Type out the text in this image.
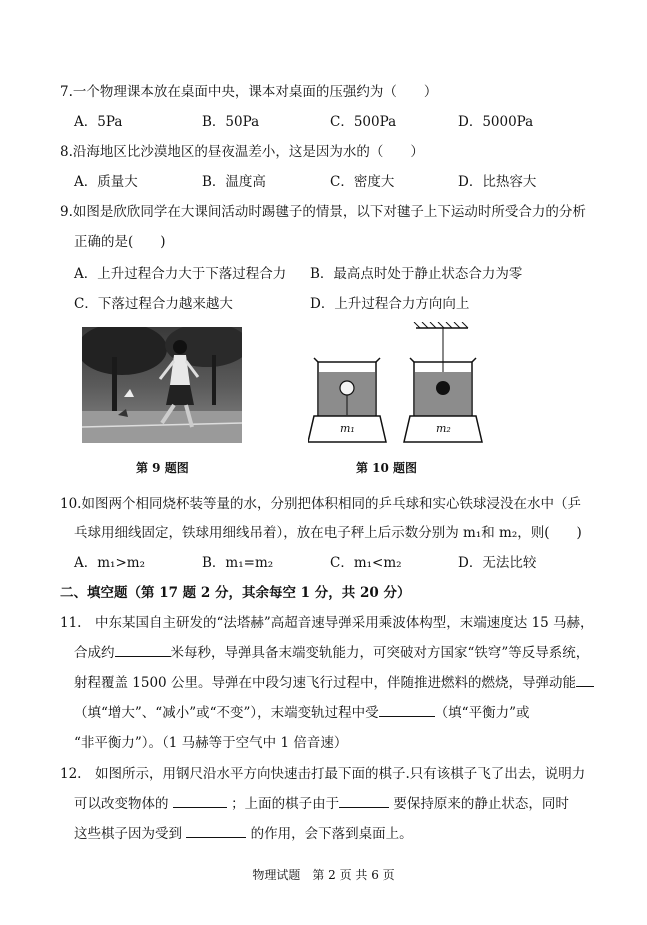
7.一个物理课本放在桌面中央，课本对桌面的压强约为（　　）
A．5Pa	B．50Pa	C．500Pa	D．5000Pa
8.沿海地区比沙漠地区的昼夜温差小，这是因为水的（　　）
A．质量大	B．温度高	C．密度大	D．比热容大
9.如图是欣欣同学在大课间活动时踢毽子的情景，以下对毽子上下运动时所受合力的分析
正确的是(　　)
A．上升过程合力大于下落过程合力 B．最高点时处于静止状态合力为零
C．下落过程合力越来越大	D．上升过程合力方向向上
第 9 题图
m₁	m₂
第 10 题图
10.如图两个相同烧杯装等量的水，分别把体积相同的乒乓球和实心铁球浸没在水中（乒
乓球用细线固定，铁球用细线吊着），放在电子秤上后示数分别为 m₁和 m₂，则(　　)
A．m₁>m₂	B．m₁=m₂	C．m₁<m₂	D．无法比较
二、填空题（第 17 题 2 分，其余每空 1 分，共 20 分）
11.　中东某国自主研发的“法塔赫”高超音速导弹采用乘波体构型，末端速度达 15 马赫，
合成约	米每秒，导弹具备末端变轨能力，可突破对方国家“铁穹”等反导系统，
射程覆盖 1500 公里。导弹在中段匀速飞行过程中，伴随推进燃料的燃烧，导弹动能
（填“增大”、“减小”或“不变”），末端变轨过程中受	（填“平衡力”或
“非平衡力”）。（1 马赫等于空气中 1 倍音速）
12.　如图所示，用钢尺沿水平方向快速击打最下面的棋子.只有该棋子飞了出去，说明力
可以改变物体的	；上面的棋子由于	要保持原来的静止状态，同时
这些棋子因为受到	的作用，会下落到桌面上。
物理试题　第 2 页 共 6 页
